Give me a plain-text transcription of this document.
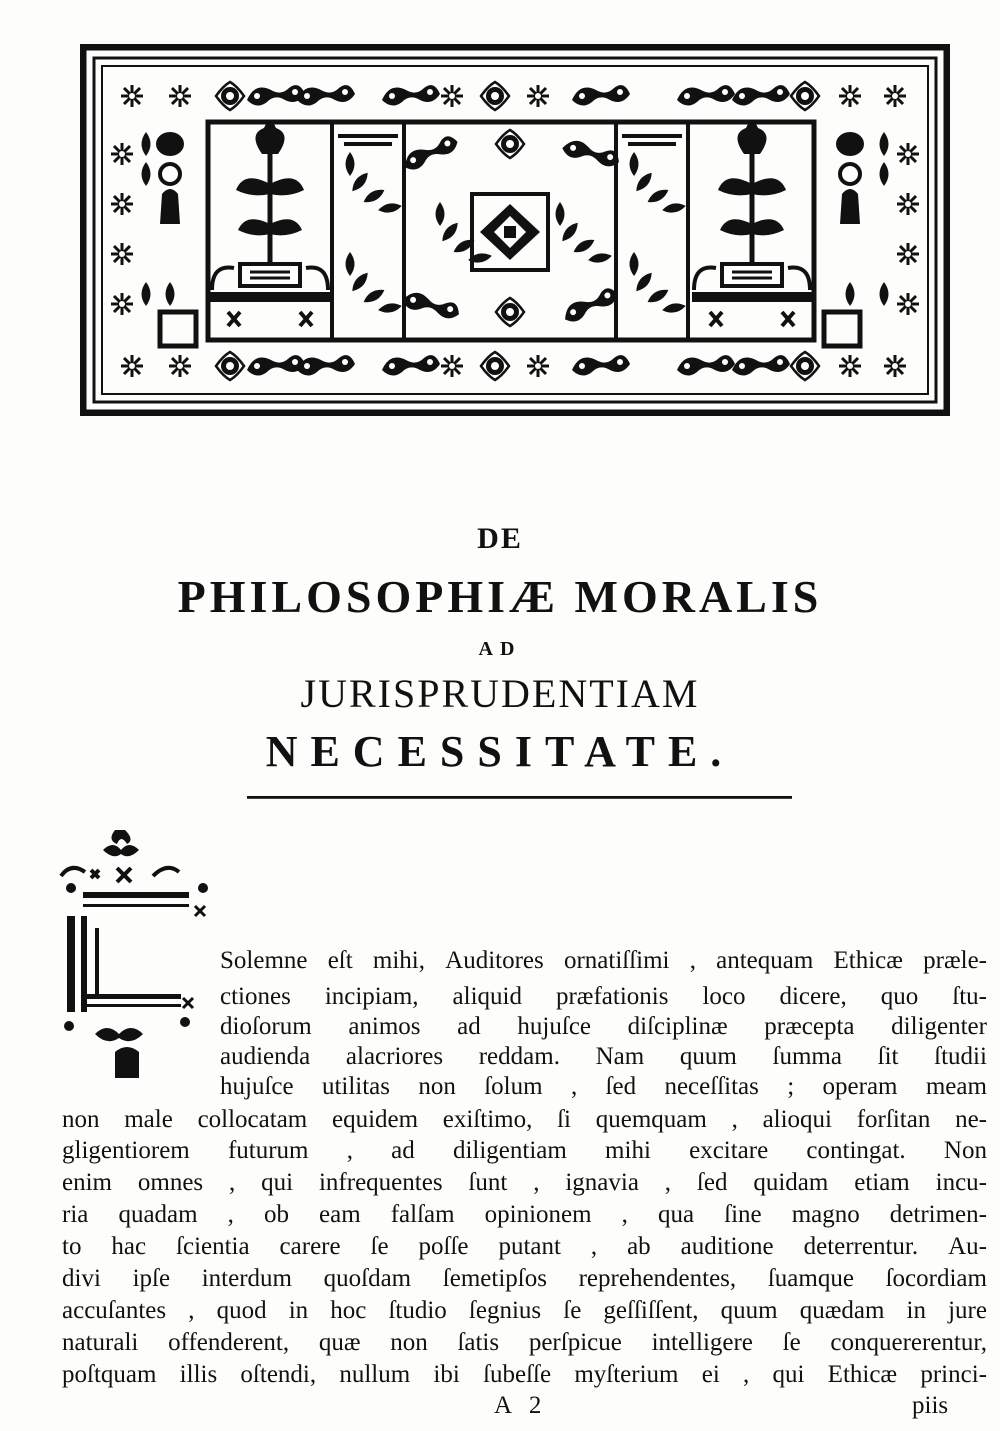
DE
PHILOSOPHIÆ MORALIS
AD
JURISPRUDENTIAM
NECESSITATE.
Solemne eſt mihi, Auditores ornatiſſimi , antequam Ethicæ præle-
ctiones incipiam, aliquid præfationis loco dicere, quo ſtu-
dioſorum animos ad hujuſce diſciplinæ præcepta diligenter
audienda alacriores reddam. Nam quum ſumma ſit ſtudii
hujuſce utilitas non ſolum , ſed neceſſitas ; operam meam
non male collocatam equidem exiſtimo, ſi quemquam , alioqui forſitan ne-
gligentiorem futurum , ad diligentiam mihi excitare contingat. Non
enim omnes , qui infrequentes ſunt , ignavia , ſed quidam etiam incu-
ria quadam , ob eam falſam opinionem , qua ſine magno detrimen-
to hac ſcientia carere ſe poſſe putant , ab auditione deterrentur. Au-
divi ipſe interdum quoſdam ſemetipſos reprehendentes, ſuamque ſocordiam
accuſantes , quod in hoc ſtudio ſegnius ſe geſſiſſent, quum quædam in jure
naturali offenderent, quæ non ſatis perſpicue intelligere ſe conquererentur,
poſtquam illis oſtendi, nullum ibi ſubeſſe myſterium ei , qui Ethicæ princi-
A 2	piis
